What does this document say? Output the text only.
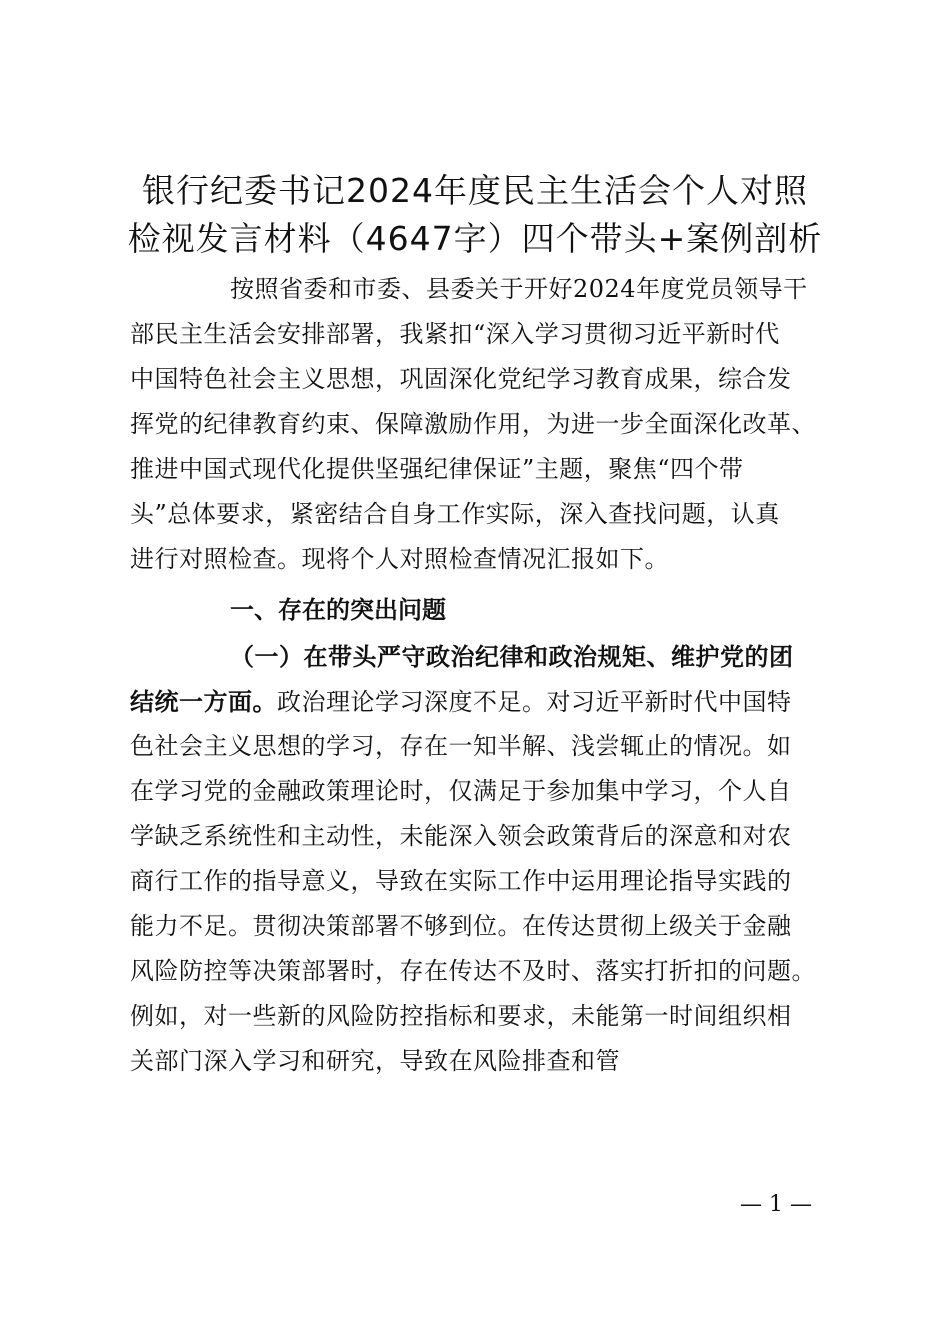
银行纪委书记2024年度民主生活会个人对照
检视发言材料（4647字）四个带头+案例剖析
按照省委和市委、县委关于开好2024年度党员领导干
部民主生活会安排部署，我紧扣“深入学习贯彻习近平新时代
中国特色社会主义思想，巩固深化党纪学习教育成果，综合发
挥党的纪律教育约束、保障激励作用，为进一步全面深化改革、
推进中国式现代化提供坚强纪律保证”主题，聚焦“四个带
头”总体要求，紧密结合自身工作实际，深入查找问题，认真
进行对照检查。现将个人对照检查情况汇报如下。
一、存在的突出问题
（一）在带头严守政治纪律和政治规矩、维护党的团
结统一方面。政治理论学习深度不足。对习近平新时代中国特
色社会主义思想的学习，存在一知半解、浅尝辄止的情况。如
在学习党的金融政策理论时，仅满足于参加集中学习，个人自
学缺乏系统性和主动性，未能深入领会政策背后的深意和对农
商行工作的指导意义，导致在实际工作中运用理论指导实践的
能力不足。贯彻决策部署不够到位。在传达贯彻上级关于金融
风险防控等决策部署时，存在传达不及时、落实打折扣的问题。
例如，对一些新的风险防控指标和要求，未能第一时间组织相
关部门深入学习和研究，导致在风险排查和管
— 1 —
